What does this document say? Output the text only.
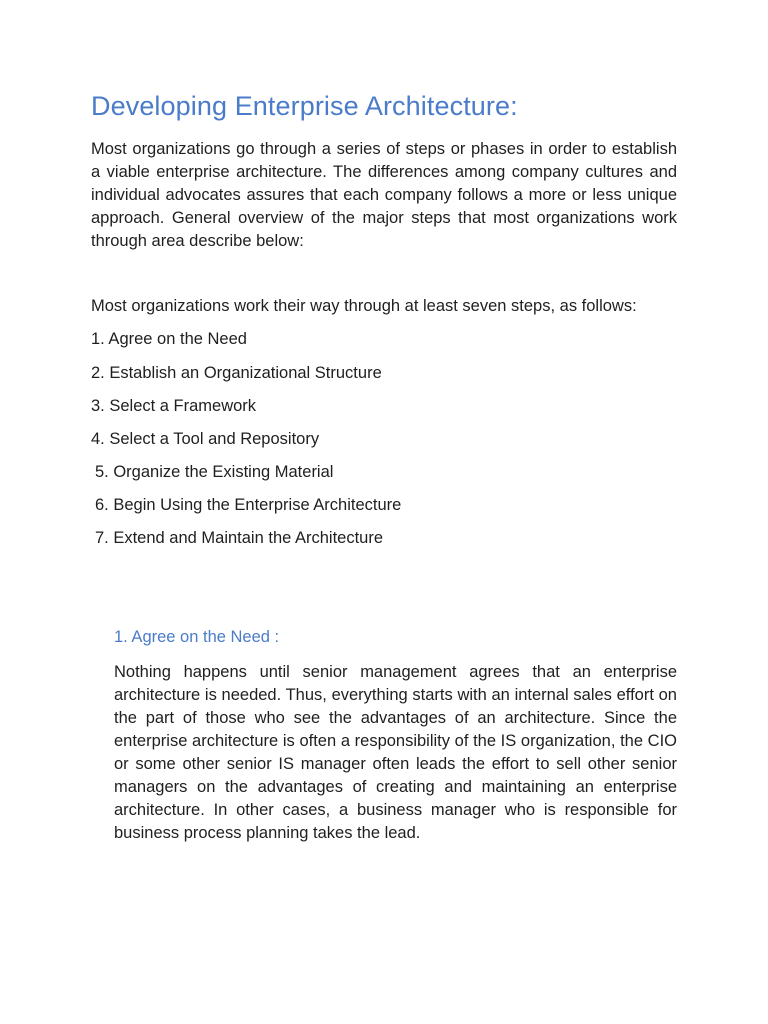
Developing Enterprise Architecture:

Most organizations go through a series of steps or phases in order to establish a viable enterprise architecture. The differences among company cultures and individual advocates assures that each company follows a more or less unique approach. General overview of the major steps that most organizations work through area describe below:

Most organizations work their way through at least seven steps, as follows:

1. Agree on the Need
2. Establish an Organizational Structure
3. Select a Framework
4. Select a Tool and Repository
5. Organize the Existing Material
6. Begin Using the Enterprise Architecture
7. Extend and Maintain the Architecture
1. Agree on the Need :

Nothing happens until senior management agrees that an enterprise architecture is needed. Thus, everything starts with an internal sales effort on the part of those who see the advantages of an architecture. Since the enterprise architecture is often a responsibility of the IS organization, the CIO or some other senior IS manager often leads the effort to sell other senior managers on the advantages of creating and maintaining an enterprise architecture. In other cases, a business manager who is responsible for business process planning takes the lead.
